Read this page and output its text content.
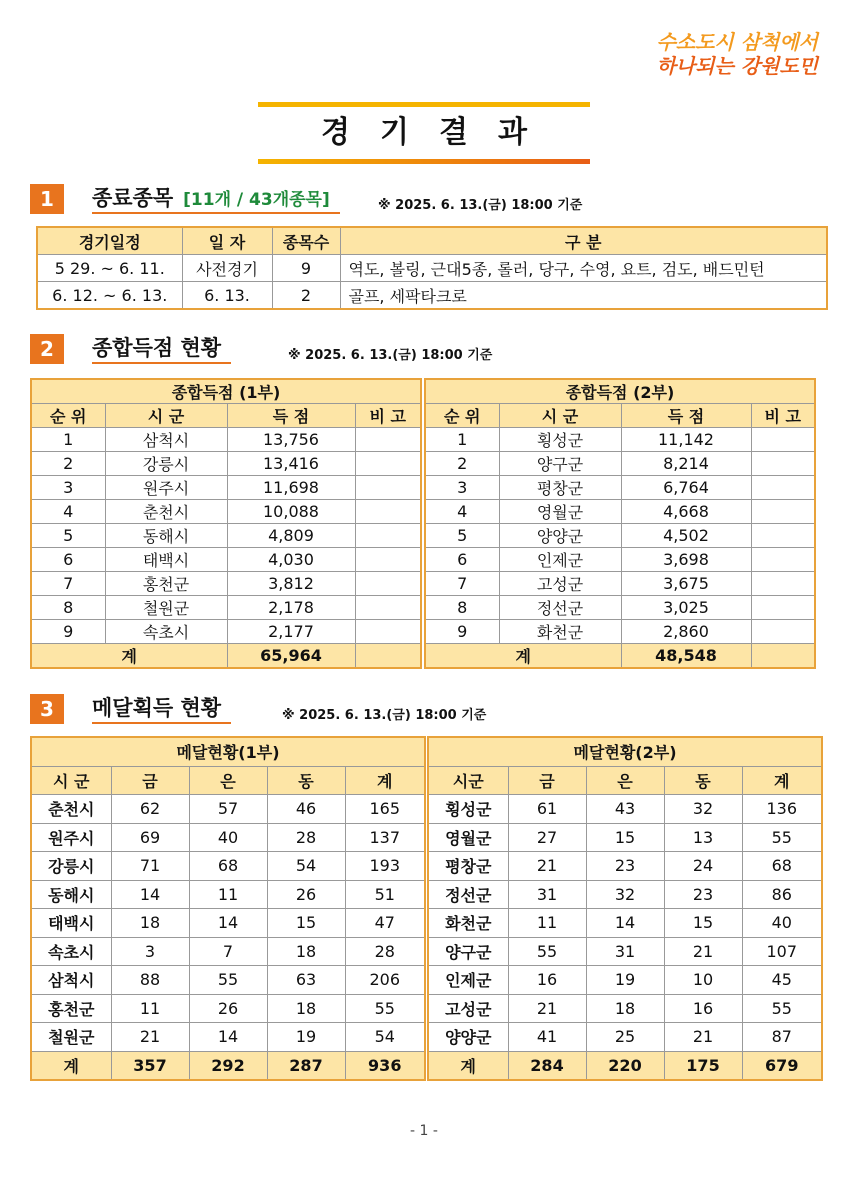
수소도시 삼척에서
하나되는 강원도민
경기결과
1	종료종목 [11개 / 43개종목]	※ 2025. 6. 13.(금) 18:00 기준
경기일정	일 자	종목수	구 분
5 29. ~ 6. 11.	사전경기	9	역도, 볼링, 근대5종, 롤러, 당구, 수영, 요트, 검도, 배드민턴
6. 12. ~ 6. 13.	6. 13.	2	골프, 세팍타크로
2	종합득점 현황	※ 2025. 6. 13.(금) 18:00 기준
종합득점 (1부)			
순 위	시 군	득 점	비 고
1	삼척시	13,756	
2	강릉시	13,416	
3	원주시	11,698	
4	춘천시	10,088	
5	동해시	4,809	
6	태백시	4,030	
7	홍천군	3,812	
8	철원군	2,178	
9	속초시	2,177	
계		65,964	
종합득점 (2부)			
순 위	시 군	득 점	비 고
1	횡성군	11,142	
2	양구군	8,214	
3	평창군	6,764	
4	영월군	4,668	
5	양양군	4,502	
6	인제군	3,698	
7	고성군	3,675	
8	정선군	3,025	
9	화천군	2,860	
계		48,548	
3	메달획득 현황	※ 2025. 6. 13.(금) 18:00 기준
메달현황(1부)				
시 군	금	은	동	계
춘천시	62	57	46	165
원주시	69	40	28	137
강릉시	71	68	54	193
동해시	14	11	26	51
태백시	18	14	15	47
속초시	3	7	18	28
삼척시	88	55	63	206
홍천군	11	26	18	55
철원군	21	14	19	54
계	357	292	287	936
메달현황(2부)				
시군	금	은	동	계
횡성군	61	43	32	136
영월군	27	15	13	55
평창군	21	23	24	68
정선군	31	32	23	86
화천군	11	14	15	40
양구군	55	31	21	107
인제군	16	19	10	45
고성군	21	18	16	55
양양군	41	25	21	87
계	284	220	175	679
- 1 -
